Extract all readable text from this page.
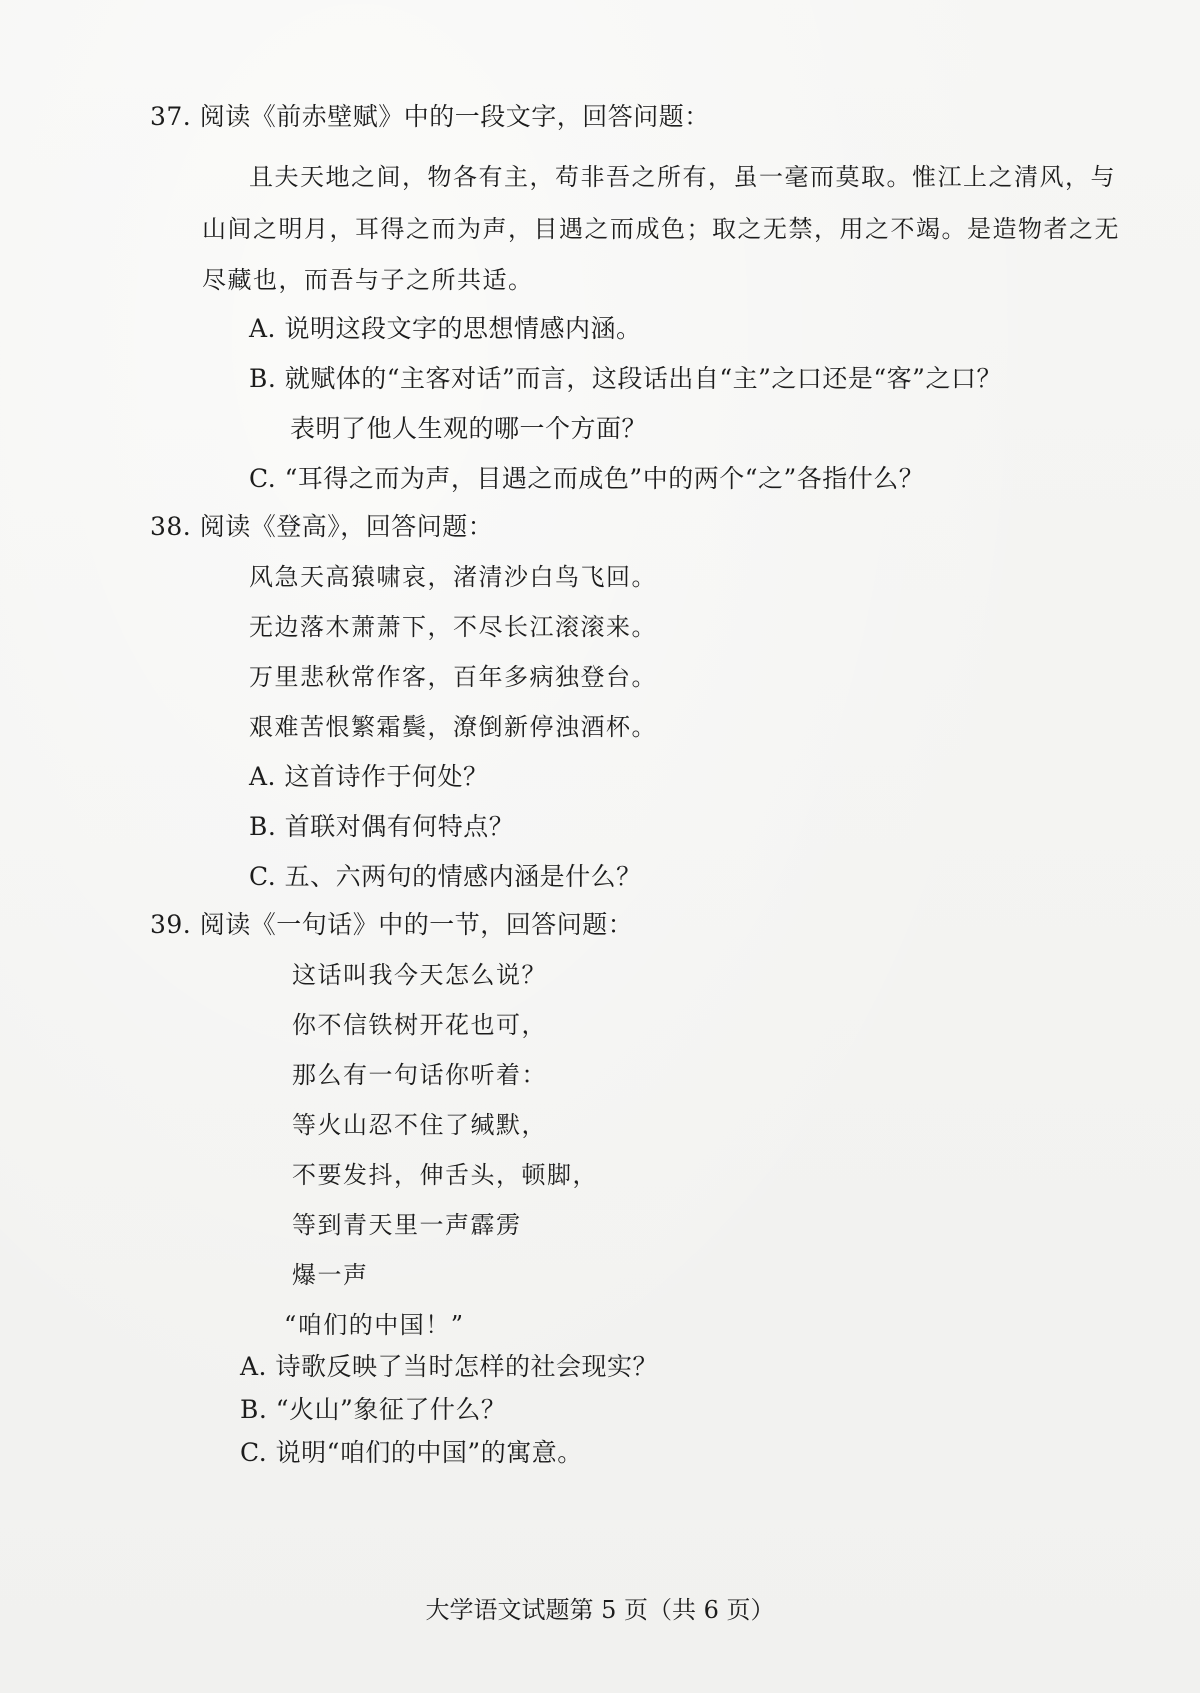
37. 阅读《前赤壁赋》中的一段文字，回答问题：
且夫天地之间，物各有主，苟非吾之所有，虽一毫而莫取。惟江上之清风，与
山间之明月，耳得之而为声，目遇之而成色；取之无禁，用之不竭。是造物者之无
尽藏也，而吾与子之所共适。
A. 说明这段文字的思想情感内涵。
B. 就赋体的“主客对话”而言，这段话出自“主”之口还是“客”之口？
表明了他人生观的哪一个方面？
C. “耳得之而为声，目遇之而成色”中的两个“之”各指什么？
38. 阅读《登高》，回答问题：
风急天高猿啸哀，渚清沙白鸟飞回。
无边落木萧萧下，不尽长江滚滚来。
万里悲秋常作客，百年多病独登台。
艰难苦恨繁霜鬓，潦倒新停浊酒杯。
A. 这首诗作于何处？
B. 首联对偶有何特点？
C. 五、六两句的情感内涵是什么？
39. 阅读《一句话》中的一节，回答问题：
这话叫我今天怎么说？
你不信铁树开花也可，
那么有一句话你听着：
等火山忍不住了缄默，
不要发抖，伸舌头，顿脚，
等到青天里一声霹雳
爆一声
“咱们的中国！”
A. 诗歌反映了当时怎样的社会现实？
B. “火山”象征了什么？
C. 说明“咱们的中国”的寓意。
大学语文试题第 5 页（共 6 页）
